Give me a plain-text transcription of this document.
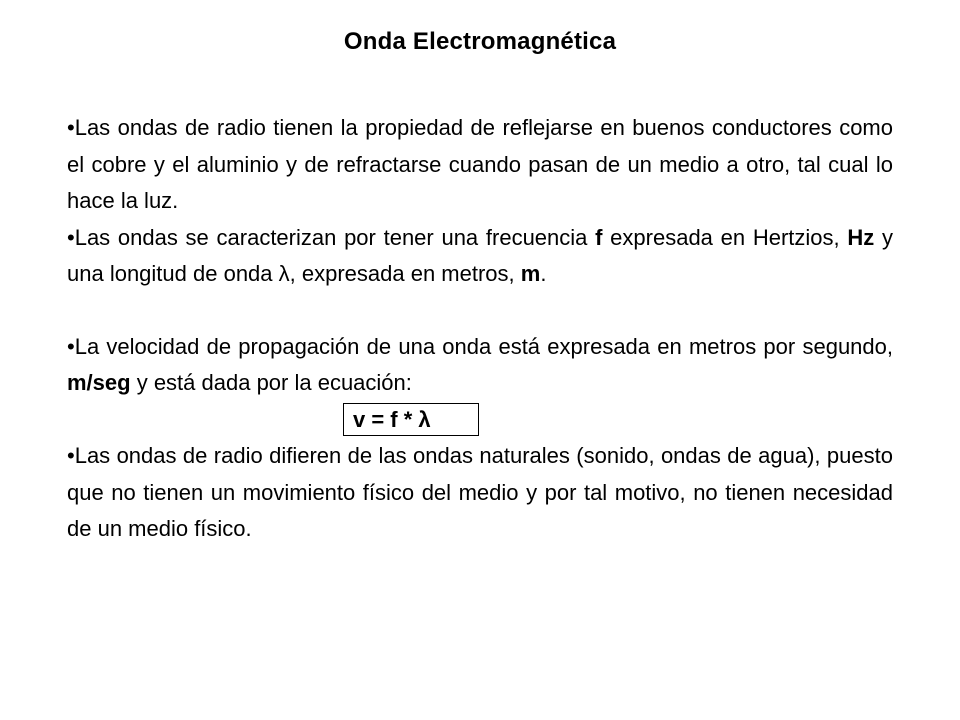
Onda Electromagnética

•Las ondas de radio tienen la propiedad de reflejarse en buenos conductores como el cobre y el aluminio y de refractarse cuando pasan de un medio a otro, tal cual lo hace la luz.

•Las ondas se caracterizan por tener una frecuencia f expresada en Hertzios, Hz y una longitud de onda λ, expresada en metros, m.

•La velocidad de propagación de una onda está expresada en metros por segundo, m/seg y está dada por la ecuación:

v = f * λ

•Las ondas de radio difieren de las ondas naturales (sonido, ondas de agua), puesto que no tienen un movimiento físico del medio y por tal motivo, no tienen necesidad de un medio físico.
